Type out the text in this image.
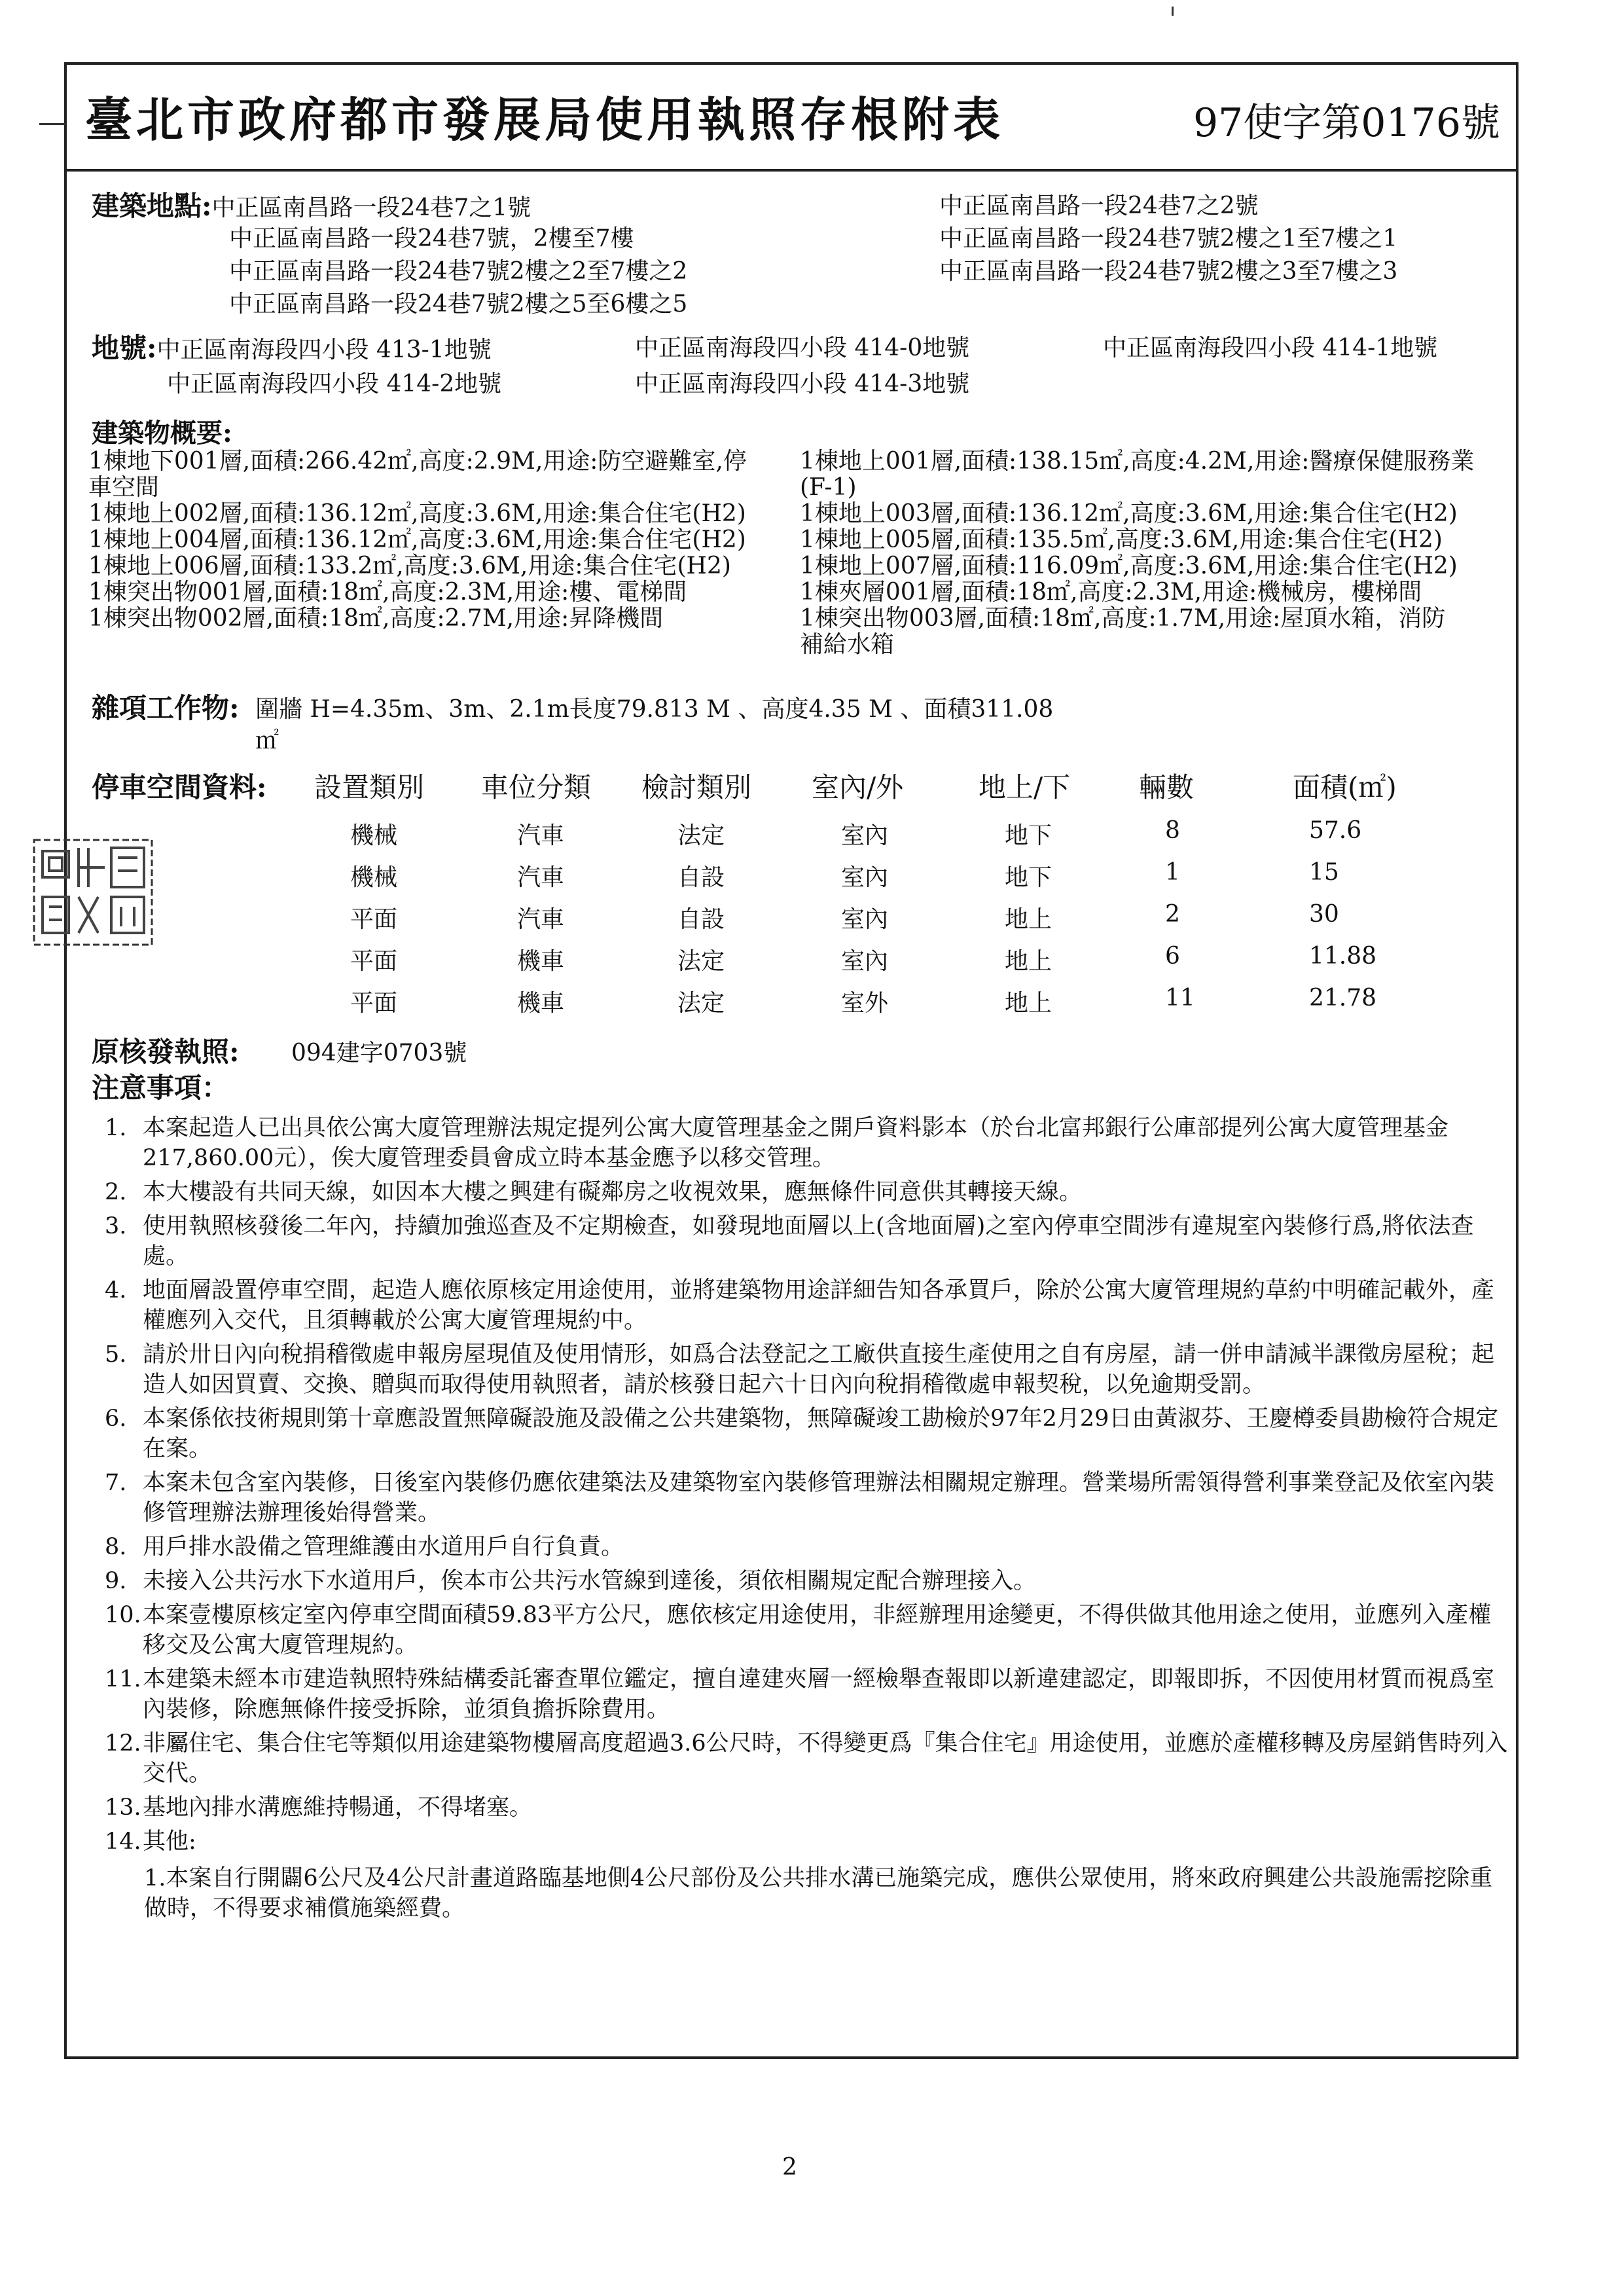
臺北市政府都市發展局使用執照存根附表	97使字第0176號
建築地點:中正區南昌路一段24巷7之1號
中正區南昌路一段24巷7號，2樓至7樓
中正區南昌路一段24巷7號2樓之2至7樓之2
中正區南昌路一段24巷7號2樓之5至6樓之5
中正區南昌路一段24巷7之2號
中正區南昌路一段24巷7號2樓之1至7樓之1
中正區南昌路一段24巷7號2樓之3至7樓之3
地號:中正區南海段四小段 413-1地號	中正區南海段四小段 414-0地號	中正區南海段四小段 414-1地號
中正區南海段四小段 414-2地號	中正區南海段四小段 414-3地號
建築物概要:
1棟地下001層,面積:266.42㎡,高度:2.9M,用途:防空避難室,停
車空間
1棟地上002層,面積:136.12㎡,高度:3.6M,用途:集合住宅(H2)
1棟地上004層,面積:136.12㎡,高度:3.6M,用途:集合住宅(H2)
1棟地上006層,面積:133.2㎡,高度:3.6M,用途:集合住宅(H2)
1棟突出物001層,面積:18㎡,高度:2.3M,用途:樓、電梯間
1棟突出物002層,面積:18㎡,高度:2.7M,用途:昇降機間
1棟地上001層,面積:138.15㎡,高度:4.2M,用途:醫療保健服務業
(F-1)
1棟地上003層,面積:136.12㎡,高度:3.6M,用途:集合住宅(H2)
1棟地上005層,面積:135.5㎡,高度:3.6M,用途:集合住宅(H2)
1棟地上007層,面積:116.09㎡,高度:3.6M,用途:集合住宅(H2)
1棟夾層001層,面積:18㎡,高度:2.3M,用途:機械房，樓梯間
1棟突出物003層,面積:18㎡,高度:1.7M,用途:屋頂水箱，消防
補給水箱
雜項工作物: 圍牆 H=4.35m、3m、2.1m長度79.813 M 、高度4.35 M 、面積311.08
㎡
停車空間資料: 設置類別 車位分類 檢討類別 室內/外	地上/下 輛數	面積(㎡)
機械	汽車	法定	室內	地下	8	57.6
機械	汽車	自設	室內	地下	1	15
平面	汽車	自設	室內	地上	2	30
平面	機車	法定	室內	地上	6	11.88
平面	機車	法定	室外	地上	11	21.78
原核發執照: 094建字0703號
注意事項：
1. 本案起造人已出具依公寓大廈管理辦法規定提列公寓大廈管理基金之開戶資料影本（於台北富邦銀行公庫部提列公寓大廈管理基金217,860.00元），俟大廈管理委員會成立時本基金應予以移交管理。
2. 本大樓設有共同天線，如因本大樓之興建有礙鄰房之收視效果，應無條件同意供其轉接天線。
3. 使用執照核發後二年內，持續加強巡查及不定期檢查，如發現地面層以上(含地面層)之室內停車空間涉有違規室內裝修行爲,將依法查處。
4. 地面層設置停車空間，起造人應依原核定用途使用，並將建築物用途詳細告知各承買戶，除於公寓大廈管理規約草約中明確記載外，產權應列入交代，且須轉載於公寓大廈管理規約中。
5. 請於卅日內向稅捐稽徵處申報房屋現值及使用情形，如爲合法登記之工廠供直接生產使用之自有房屋，請一併申請減半課徵房屋稅；起造人如因買賣、交換、贈與而取得使用執照者，請於核發日起六十日內向稅捐稽徵處申報契稅，以免逾期受罰。
6. 本案係依技術規則第十章應設置無障礙設施及設備之公共建築物，無障礙竣工勘檢於97年2月29日由黃淑芬、王慶樽委員勘檢符合規定在案。
7. 本案未包含室內裝修，日後室內裝修仍應依建築法及建築物室內裝修管理辦法相關規定辦理。營業場所需領得營利事業登記及依室內裝修管理辦法辦理後始得營業。
8. 用戶排水設備之管理維護由水道用戶自行負責。
9. 未接入公共污水下水道用戶，俟本市公共污水管線到達後，須依相關規定配合辦理接入。
10. 本案壹樓原核定室內停車空間面積59.83平方公尺，應依核定用途使用，非經辦理用途變更，不得供做其他用途之使用，並應列入產權移交及公寓大廈管理規約。
11. 本建築未經本市建造執照特殊結構委託審查單位鑑定，擅自違建夾層一經檢舉查報即以新違建認定，即報即拆，不因使用材質而視爲室內裝修，除應無條件接受拆除，並須負擔拆除費用。
12. 非屬住宅、集合住宅等類似用途建築物樓層高度超過3.6公尺時，不得變更爲『集合住宅』用途使用，並應於產權移轉及房屋銷售時列入交代。
13. 基地內排水溝應維持暢通，不得堵塞。
14. 其他:
1.本案自行開闢6公尺及4公尺計畫道路臨基地側4公尺部份及公共排水溝已施築完成，應供公眾使用，將來政府興建公共設施需挖除重做時，不得要求補償施築經費。
2
